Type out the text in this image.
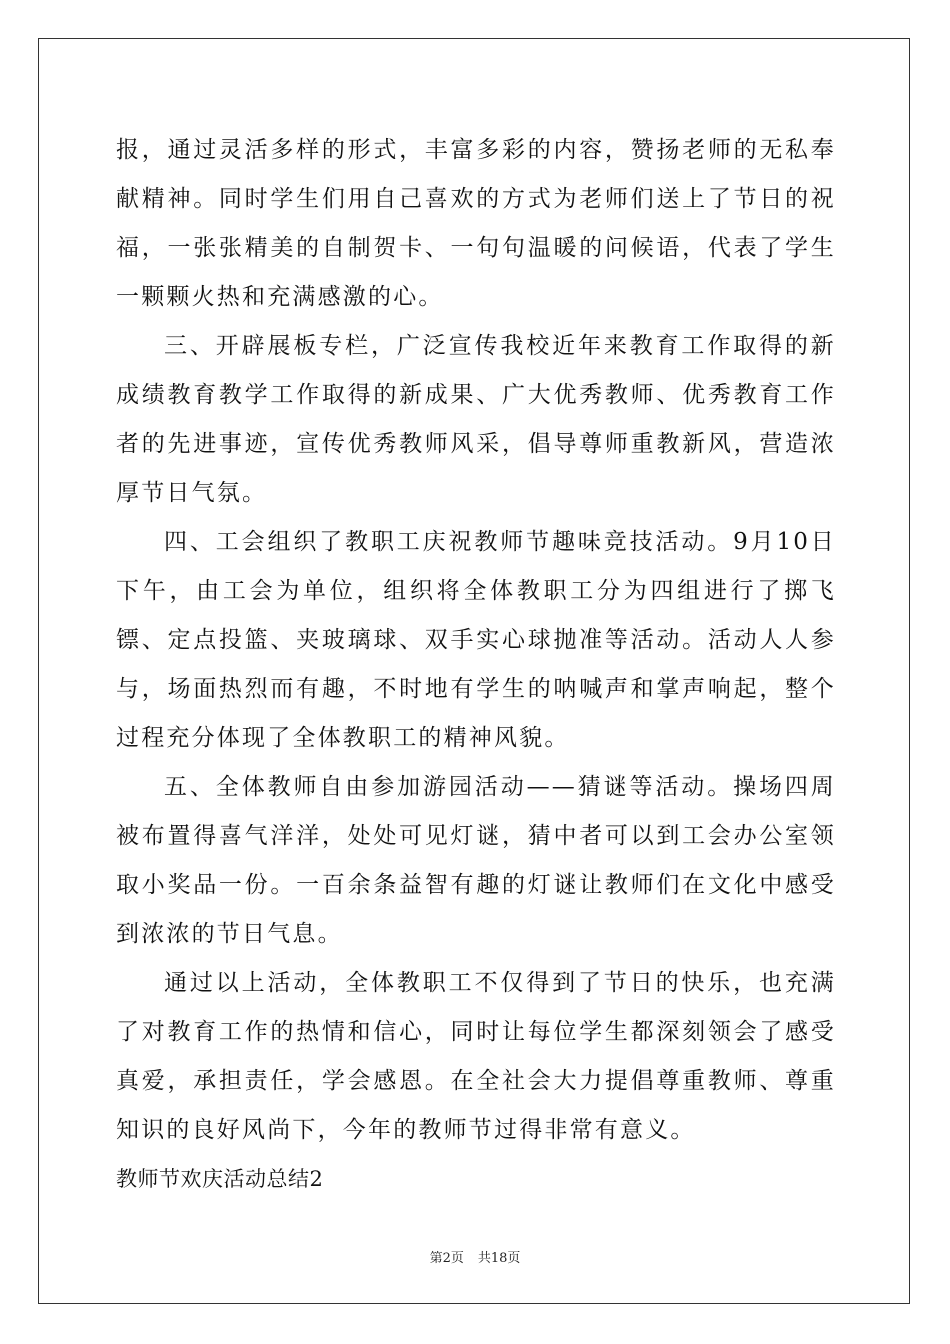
报，通过灵活多样的形式，丰富多彩的内容，赞扬老师的无私奉献精神。同时学生们用自己喜欢的方式为老师们送上了节日的祝福，一张张精美的自制贺卡、一句句温暖的问候语，代表了学生一颗颗火热和充满感激的心。

三、开辟展板专栏，广泛宣传我校近年来教育工作取得的新成绩教育教学工作取得的新成果、广大优秀教师、优秀教育工作者的先进事迹，宣传优秀教师风采，倡导尊师重教新风，营造浓厚节日气氛。

四、工会组织了教职工庆祝教师节趣味竞技活动。9月10日下午，由工会为单位，组织将全体教职工分为四组进行了掷飞镖、定点投篮、夹玻璃球、双手实心球抛准等活动。活动人人参与，场面热烈而有趣，不时地有学生的呐喊声和掌声响起，整个过程充分体现了全体教职工的精神风貌。

五、全体教师自由参加游园活动——猜谜等活动。操场四周被布置得喜气洋洋，处处可见灯谜，猜中者可以到工会办公室领取小奖品一份。一百余条益智有趣的灯谜让教师们在文化中感受到浓浓的节日气息。

通过以上活动，全体教职工不仅得到了节日的快乐，也充满了对教育工作的热情和信心，同时让每位学生都深刻领会了感受真爱，承担责任，学会感恩。在全社会大力提倡尊重教师、尊重知识的良好风尚下，今年的教师节过得非常有意义。

教师节欢庆活动总结2

第2页 共18页
